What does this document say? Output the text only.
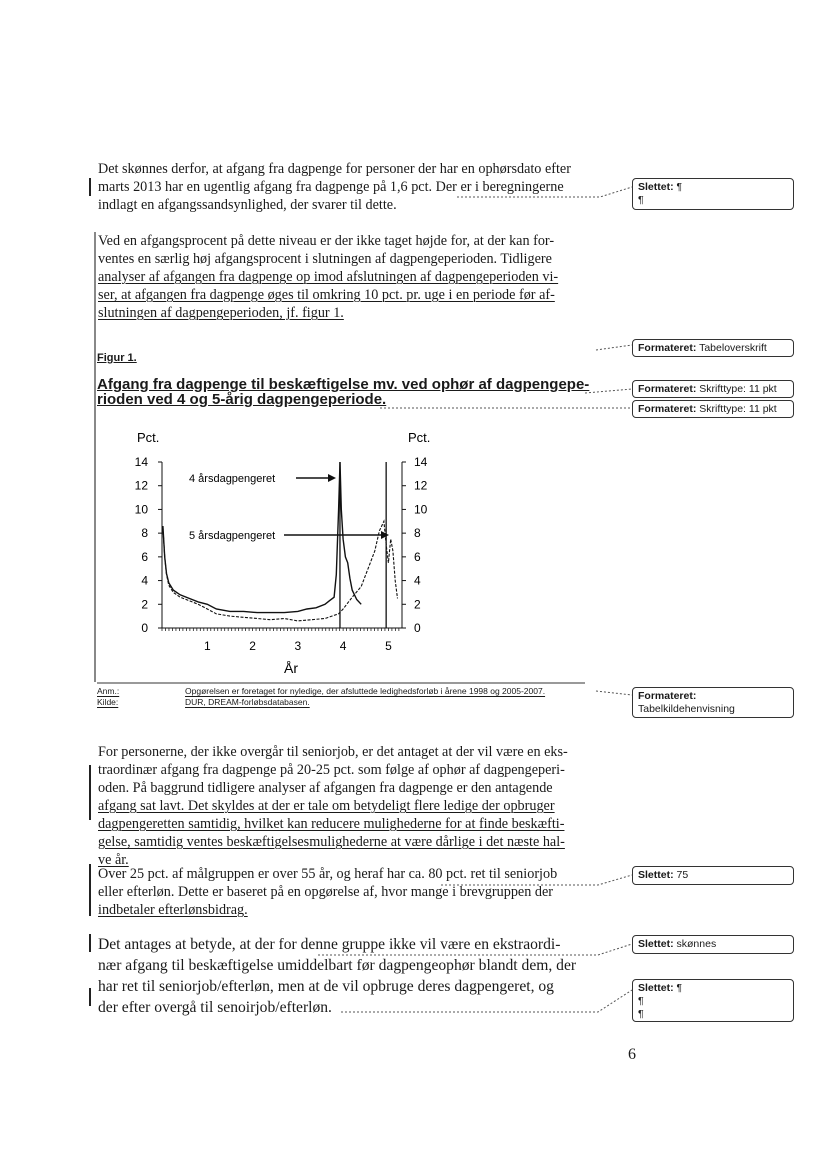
Det skønnes derfor, at afgang fra dagpenge for personer der har en ophørsdato efter
marts 2013 har en ugentlig afgang fra dagpenge på 1,6 pct. Der er i beregningerne
indlagt en afgangssandsynlighed, der svarer til dette.
Ved en afgangsprocent på dette niveau er der ikke taget højde for, at der kan for-
ventes en særlig høj afgangsprocent i slutningen af dagpengeperioden. Tidligere
analyser af afgangen fra dagpenge op imod afslutningen af dagpengeperioden vi-
ser, at afgangen fra dagpenge øges til omkring 10 pct. pr. uge i en periode før af-
slutningen af dagpengeperioden, jf. figur 1.
Figur 1.
Afgang fra dagpenge til beskæftigelse mv. ved ophør af dagpengepe-
rioden ved 4 og 5-årig dagpengeperiode.
Pct.	Pct.
År
0	0
2	2
4	4
6	6
8	8
10	10
12	12
14	14
1	2	3	4	5
4 årsdagpengeret
5 årsdagpengeret
Anm.:	Opgørelsen er foretaget for nyledige, der afsluttede ledighedsforløb i årene 1998 og 2005-2007.
Kilde:	DUR, DREAM-forløbsdatabasen.
For personerne, der ikke overgår til seniorjob, er det antaget at der vil være en eks-
traordinær afgang fra dagpenge på 20-25 pct. som følge af ophør af dagpengeperi-
oden. På baggrund tidligere analyser af afgangen fra dagpenge er den antagende
afgang sat lavt. Det skyldes at der er tale om betydeligt flere ledige der opbruger
dagpengeretten samtidig, hvilket kan reducere mulighederne for at finde beskæfti-
gelse, samtidig ventes beskæftigelsesmulighederne at være dårlige i det næste hal-
ve år.
Over 25 pct. af målgruppen er over 55 år, og heraf har ca. 80 pct. ret til seniorjob
eller efterløn. Dette er baseret på en opgørelse af, hvor mange i brevgruppen der
indbetaler efterlønsbidrag.
Det antages at betyde, at der for denne gruppe ikke vil være en ekstraordi-
nær afgang til beskæftigelse umiddelbart før dagpengeophør blandt dem, der
har ret til seniorjob/efterløn, men at de vil opbruge deres dagpengeret, og
der efter overgå til senoirjob/efterløn.
Slettet: ¶
¶
Formateret: Tabeloverskrift
Formateret: Skrifttype: 11 pkt
Formateret: Skrifttype: 11 pkt
Formateret:
Tabelkildehenvisning
Slettet: 75
Slettet: skønnes
Slettet: ¶
¶
¶
6
